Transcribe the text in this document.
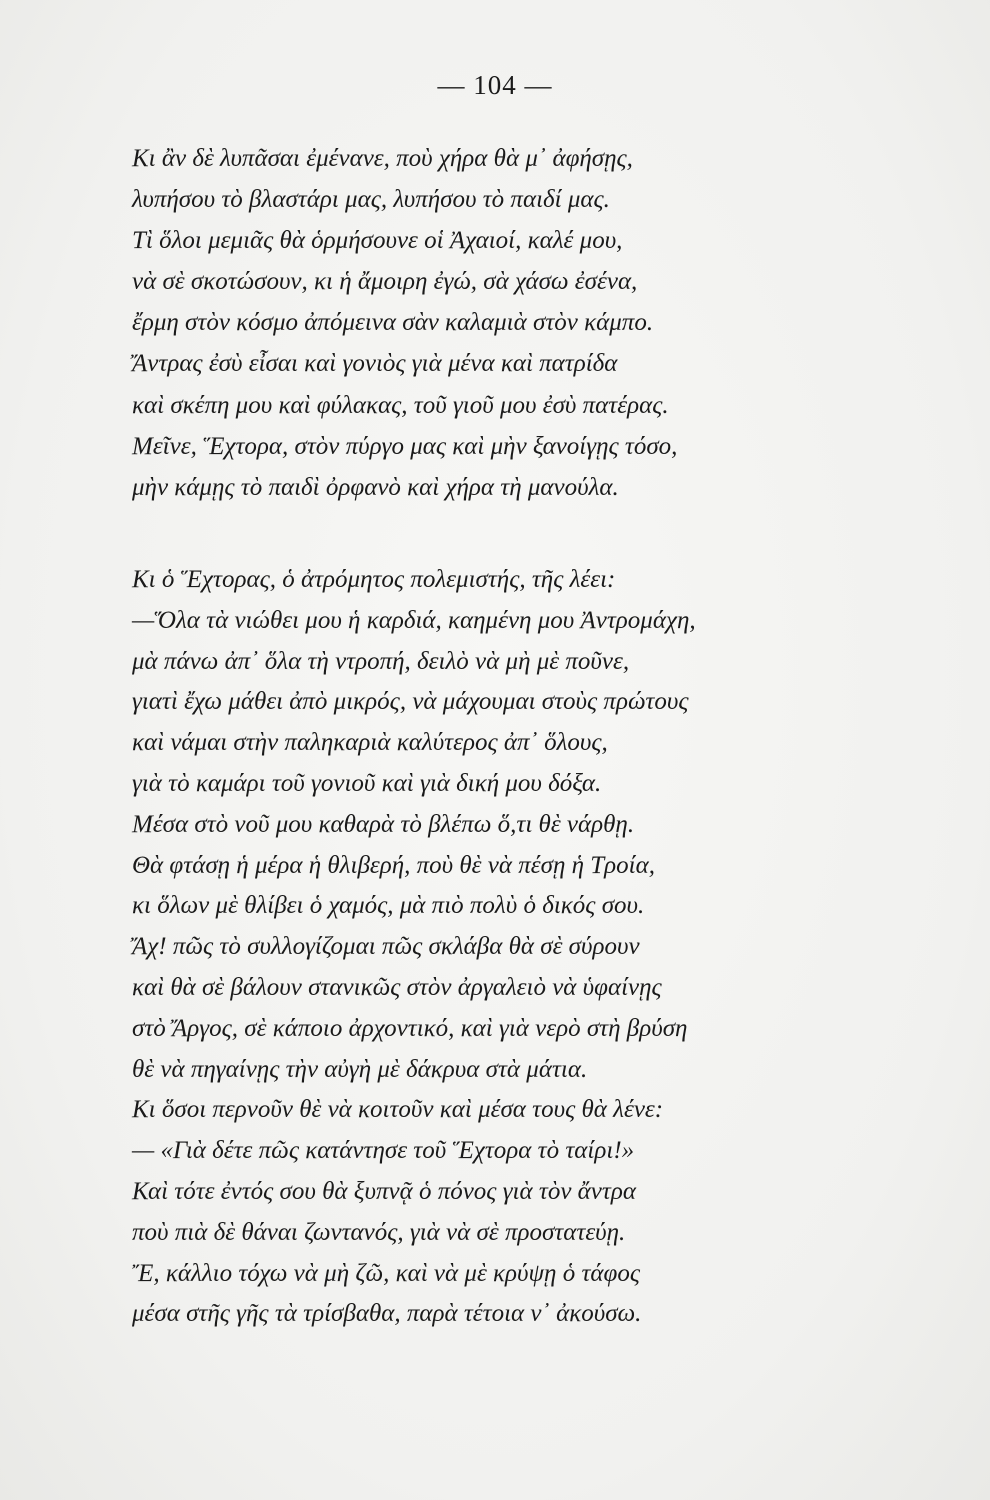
— 104 —
Κι ἂν δὲ λυπᾶσαι ἐμένανε, ποὺ χήρα θὰ μ᾿ ἀφήσῃς,
λυπήσου τὸ βλαστάρι μας, λυπήσου τὸ παιδί μας.
Τὶ ὅλοι μεμιᾶς θὰ ὁρμήσουνε οἱ Ἀχαιοί, καλέ μου,
νὰ σὲ σκοτώσουν, κι ἡ ἄμοιρη ἐγώ, σὰ χάσω ἐσένα,
ἔρμη στὸν κόσμο ἀπόμεινα σὰν καλαμιὰ στὸν κάμπο.
Ἄντρας ἐσὺ εἶσαι καὶ γονιὸς γιὰ μένα καὶ πατρίδα
καὶ σκέπη μου καὶ φύλακας, τοῦ γιοῦ μου ἐσὺ πατέρας.
Μεῖνε, Ἕχτορα, στὸν πύργο μας καὶ μὴν ξανοίγῃς τόσο,
μὴν κάμῃς τὸ παιδὶ ὀρφανὸ καὶ χήρα τὴ μανούλα.
Κι ὁ Ἕχτορας, ὁ ἀτρόμητος πολεμιστής, τῆς λέει:
—Ὅλα τὰ νιώθει μου ἡ καρδιά, καημένη μου Ἀντρομάχη,
μὰ πάνω ἀπ᾿ ὅλα τὴ ντροπή, δειλὸ νὰ μὴ μὲ ποῦνε,
γιατὶ ἔχω μάθει ἀπὸ μικρός, νὰ μάχουμαι στοὺς πρώτους
καὶ νάμαι στὴν παληκαριὰ καλύτερος ἀπ᾿ ὅλους,
γιὰ τὸ καμάρι τοῦ γονιοῦ καὶ γιὰ δική μου δόξα.
Μέσα στὸ νοῦ μου καθαρὰ τὸ βλέπω ὅ,τι θὲ νάρθῃ.
Θὰ φτάσῃ ἡ μέρα ἡ θλιβερή, ποὺ θὲ νὰ πέσῃ ἡ Τροία,
κι ὅλων μὲ θλίβει ὁ χαμός, μὰ πιὸ πολὺ ὁ δικός σου.
Ἄχ! πῶς τὸ συλλογίζομαι πῶς σκλάβα θὰ σὲ σύρουν
καὶ θὰ σὲ βάλουν στανικῶς στὸν ἀργαλειὸ νὰ ὑφαίνῃς
στὸ Ἄργος, σὲ κάποιο ἀρχοντικό, καὶ γιὰ νερὸ στὴ βρύση
θὲ νὰ πηγαίνῃς τὴν αὐγὴ μὲ δάκρυα στὰ μάτια.
Κι ὅσοι περνοῦν θὲ νὰ κοιτοῦν καὶ μέσα τους θὰ λένε:
— «Γιὰ δέτε πῶς κατάντησε τοῦ Ἕχτορα τὸ ταίρι!»
Καὶ τότε ἐντός σου θὰ ξυπνᾷ ὁ πόνος γιὰ τὸν ἄντρα
ποὺ πιὰ δὲ θάναι ζωντανός, γιὰ νὰ σὲ προστατεύῃ.
Ἔ, κάλλιο τόχω νὰ μὴ ζῶ, καὶ νὰ μὲ κρύψῃ ὁ τάφος
μέσα στῆς γῆς τὰ τρίσβαθα, παρὰ τέτοια ν᾿ ἀκούσω.
